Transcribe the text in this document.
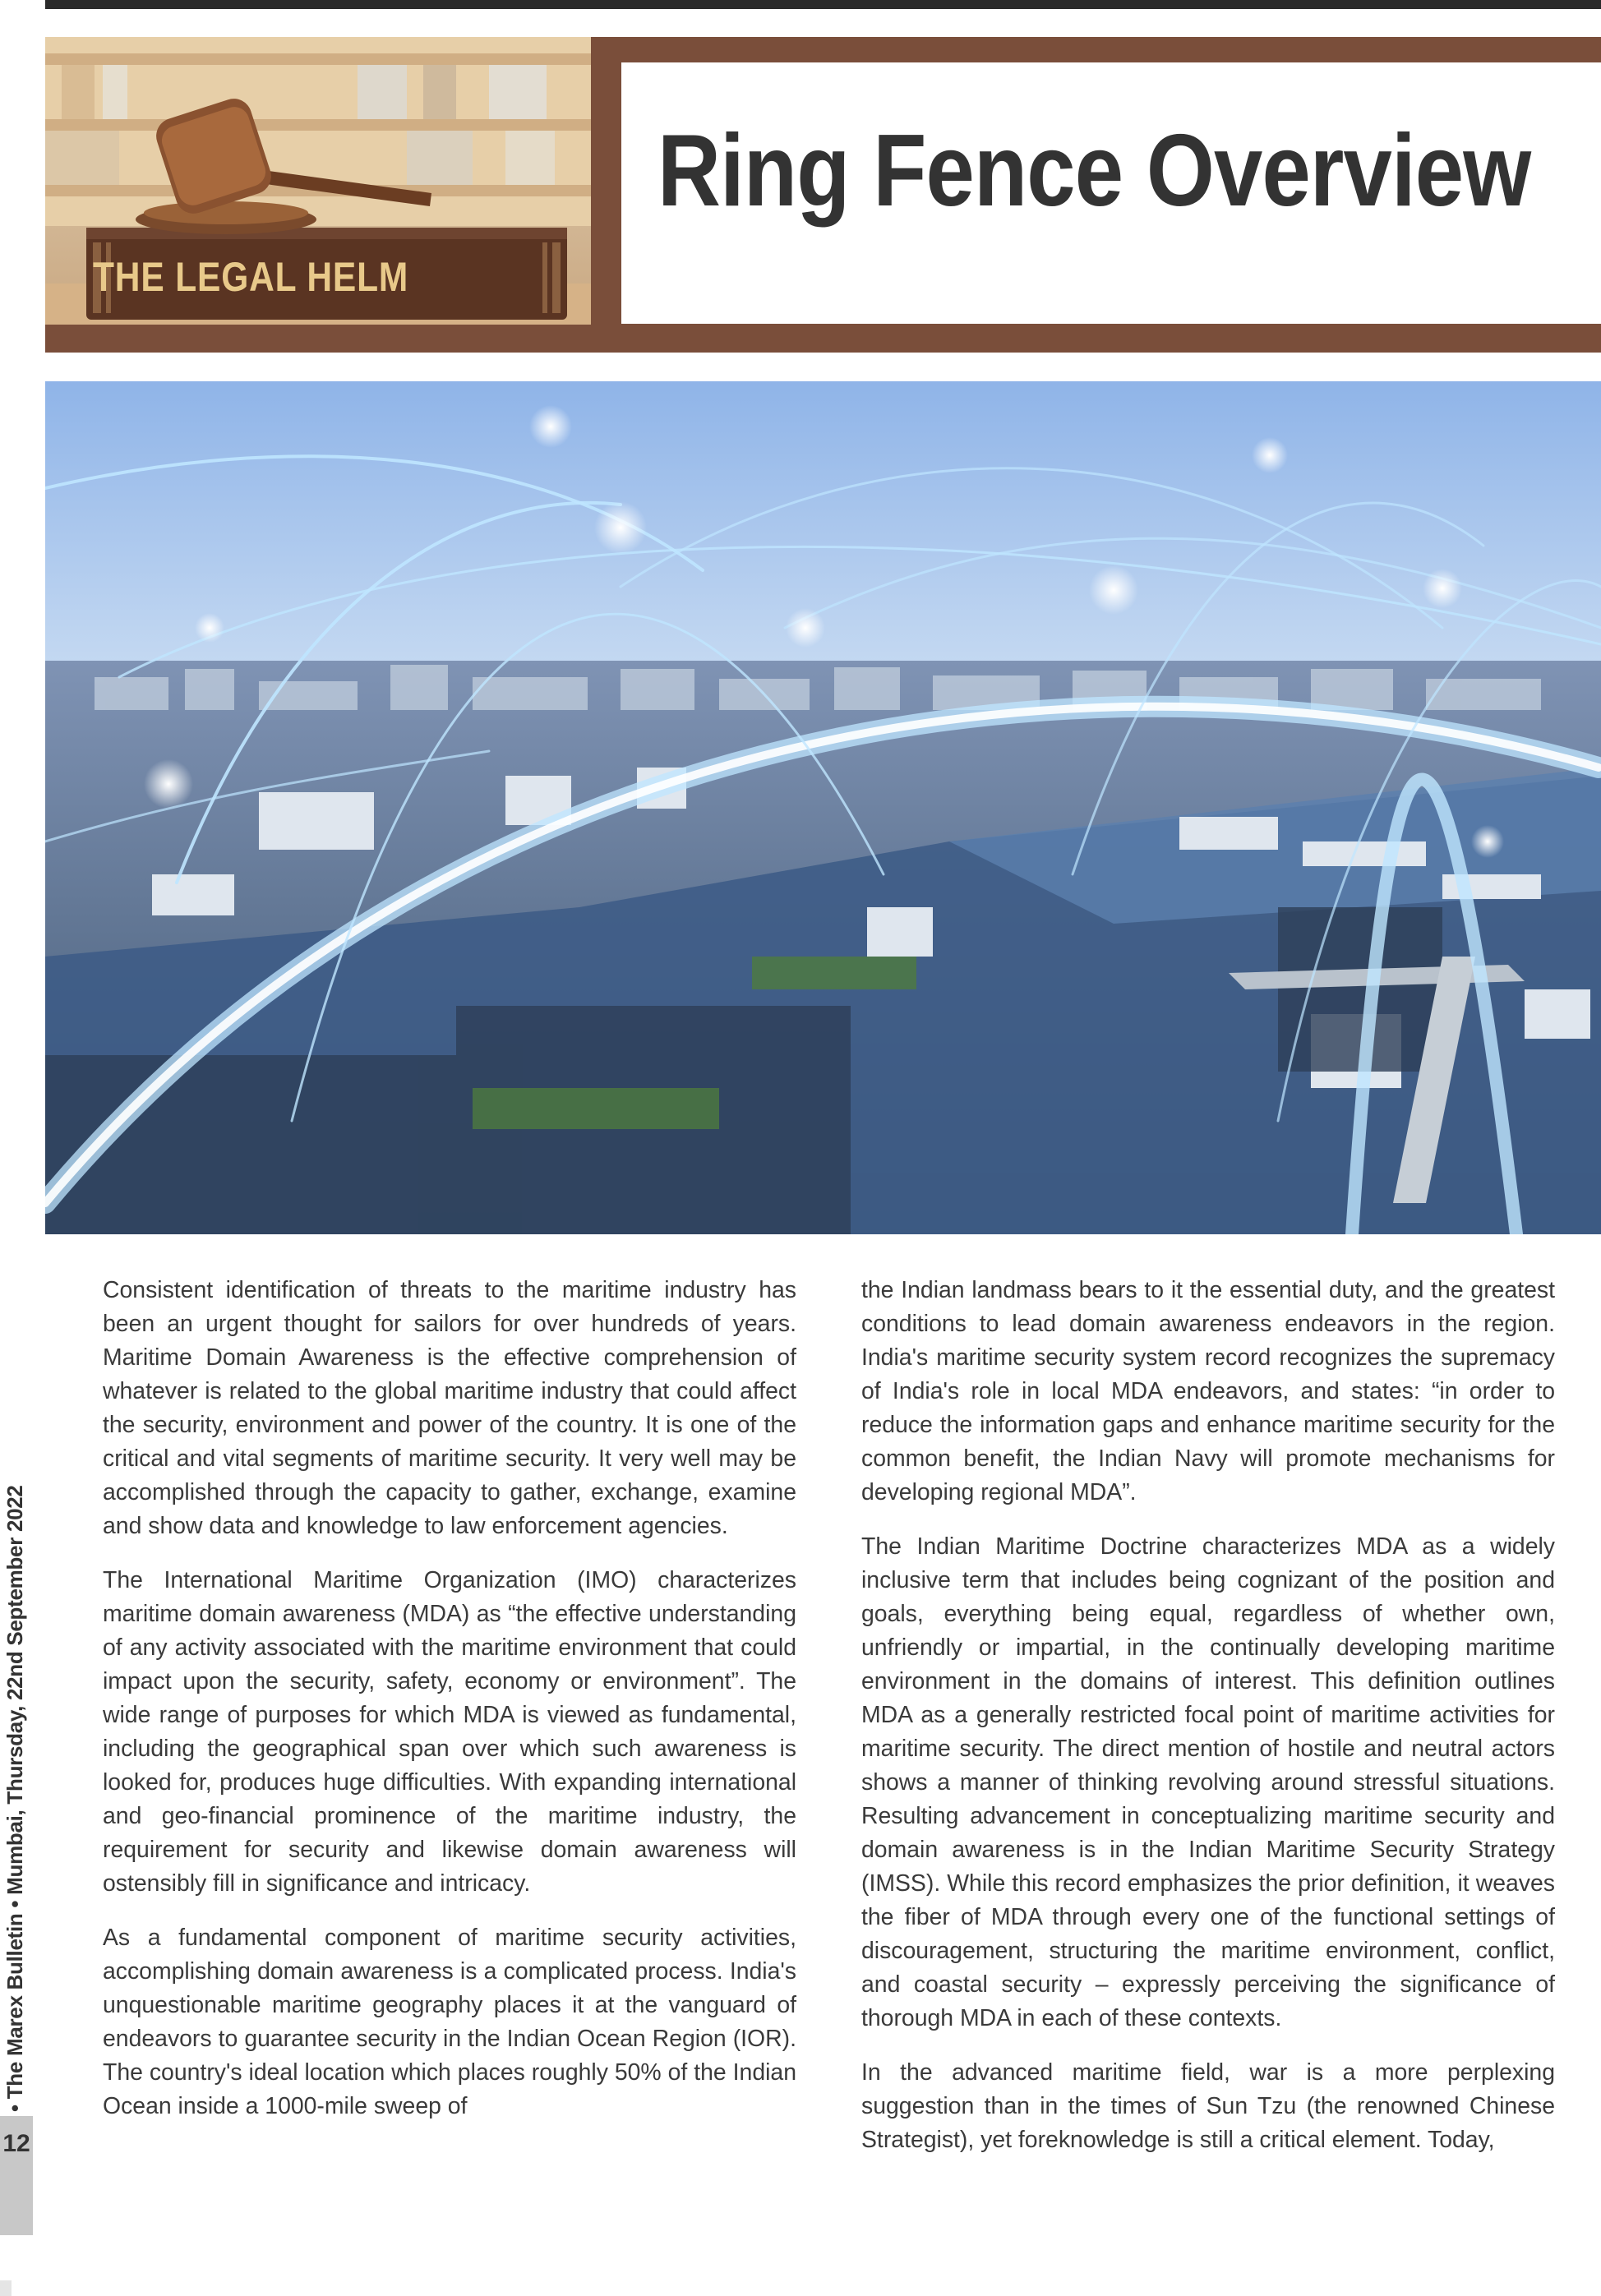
Ring Fence Overview
THE LEGAL HELM

Consistent identification of threats to the maritime industry has been an urgent thought for sailors for over hundreds of years. Maritime Domain Awareness is the effective comprehension of whatever is related to the global maritime industry that could affect the security, environment and power of the country. It is one of the critical and vital segments of maritime security. It very well may be accomplished through the capacity to gather, exchange, examine and show data and knowledge to law enforcement agencies.

The International Maritime Organization (IMO) characterizes maritime domain awareness (MDA) as “the effective understanding of any activity associated with the maritime environment that could impact upon the security, safety, economy or environment”. The wide range of purposes for which MDA is viewed as fundamental, including the geographical span over which such awareness is looked for, produces huge difficulties. With expanding international and geo-financial prominence of the maritime industry, the requirement for security and likewise domain awareness will ostensibly fill in significance and intricacy.

As a fundamental component of maritime security activities, accomplishing domain awareness is a complicated process. India's unquestionable maritime geography places it at the vanguard of endeavors to guarantee security in the Indian Ocean Region (IOR). The country's ideal location which places roughly 50% of the Indian Ocean inside a 1000-mile sweep of

the Indian landmass bears to it the essential duty, and the greatest conditions to lead domain awareness endeavors in the region. India's maritime security system record recognizes the supremacy of India's role in local MDA endeavors, and states: “in order to reduce the information gaps and enhance maritime security for the common benefit, the Indian Navy will promote mechanisms for developing regional MDA”.

The Indian Maritime Doctrine characterizes MDA as a widely inclusive term that includes being cognizant of the position and goals, everything being equal, regardless of whether own, unfriendly or impartial, in the continually developing maritime environment in the domains of interest. This definition outlines MDA as a generally restricted focal point of maritime activities for maritime security. The direct mention of hostile and neutral actors shows a manner of thinking revolving around stressful situations. Resulting advancement in conceptualizing maritime security and domain awareness is in the Indian Maritime Security Strategy (IMSS). While this record emphasizes the prior definition, it weaves the fiber of MDA through every one of the functional settings of discouragement, structuring the maritime environment, conflict, and coastal security – expressly perceiving the significance of thorough MDA in each of these contexts.

In the advanced maritime field, war is a more perplexing suggestion than in the times of Sun Tzu (the renowned Chinese Strategist), yet foreknowledge is still a critical element. Today,

• The Marex Bulletin • Mumbai, Thursday, 22nd September 2022
12
